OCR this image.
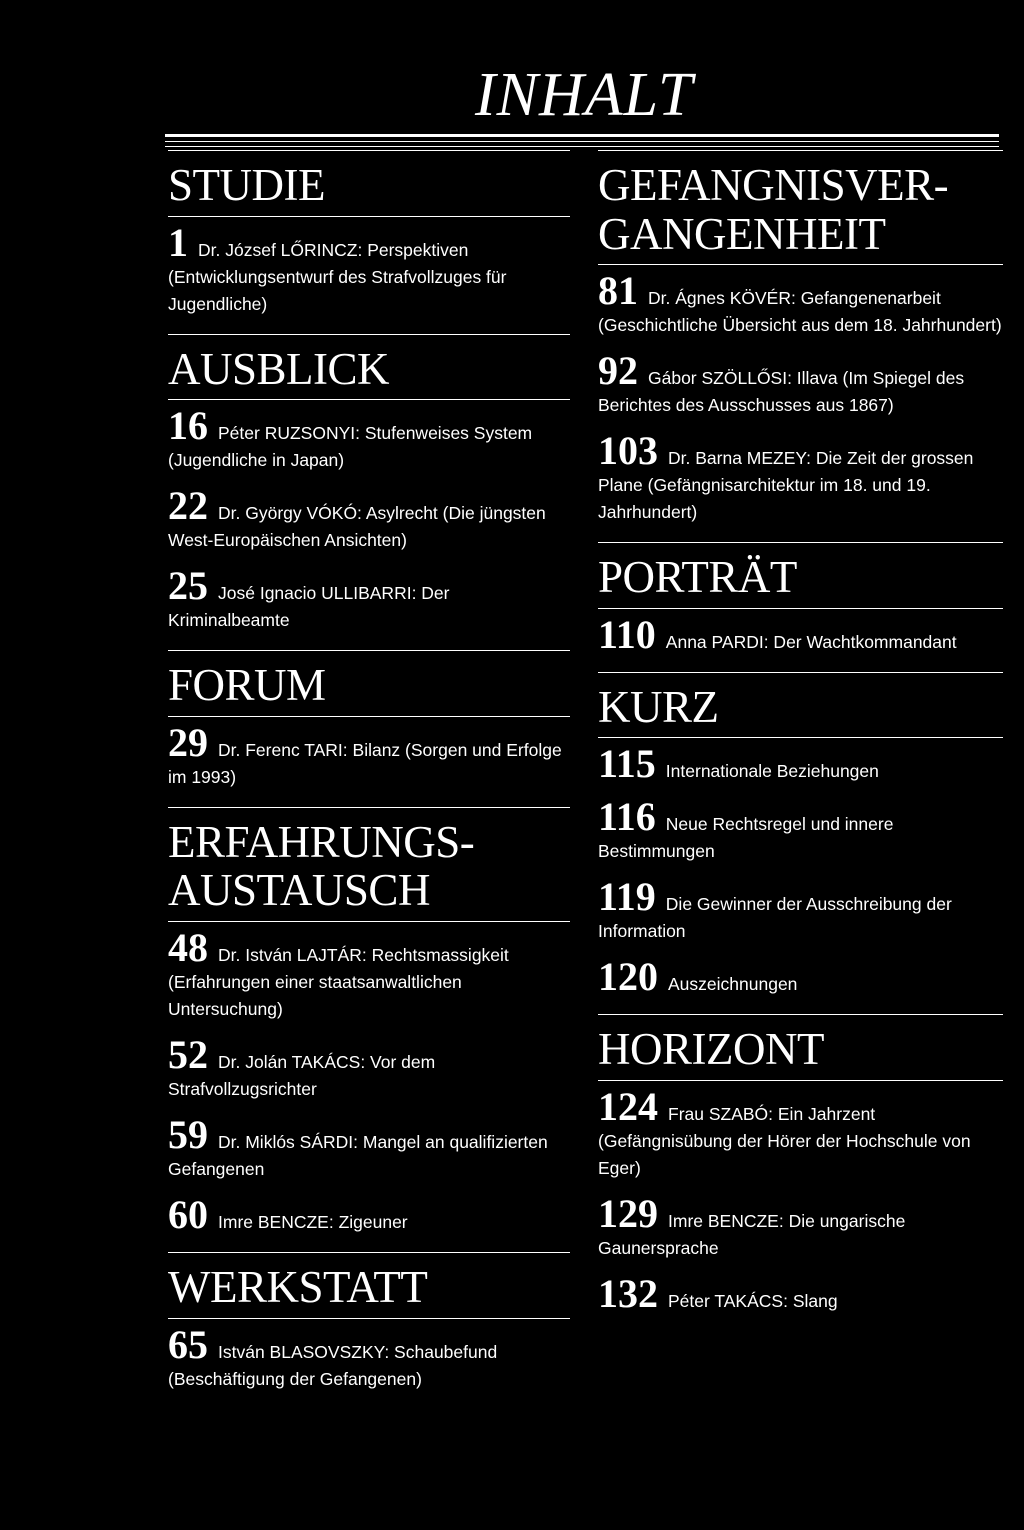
INHALT
STUDIE

1 Dr. József LŐRINCZ: Perspektiven (Entwicklungsentwurf des Strafvollzuges für Jugendliche)

AUSBLICK

16 Péter RUZSONYI: Stufenweises System (Jugendliche in Japan)

22 Dr. György VÓKÓ: Asylrecht (Die jüngsten West-Europäischen Ansichten)

25 José Ignacio ULLIBARRI: Der Kriminalbeamte

FORUM

29 Dr. Ferenc TARI: Bilanz (Sorgen und Erfolge im 1993)

ERFAHRUNGS-
AUSTAUSCH

48 Dr. István LAJTÁR: Rechtsmassigkeit (Erfahrungen einer staatsanwaltlichen Untersuchung)

52 Dr. Jolán TAKÁCS: Vor dem Strafvollzugsrichter

59 Dr. Miklós SÁRDI: Mangel an qualifizierten Gefangenen

60 Imre BENCZE: Zigeuner

WERKSTATT

65 István BLASOVSZKY: Schaubefund (Beschäftigung der Gefangenen)

GEFANGNISVER-
GANGENHEIT

81 Dr. Ágnes KÖVÉR: Gefangenenarbeit (Geschichtliche Übersicht aus dem 18. Jahrhundert)

92 Gábor SZÖLLŐSI: Illava (Im Spiegel des Berichtes des Ausschusses aus 1867)

103 Dr. Barna MEZEY: Die Zeit der grossen Plane (Gefängnisarchitektur im 18. und 19. Jahrhundert)

PORTRÄT

110 Anna PARDI: Der Wachtkommandant

KURZ

115 Internationale Beziehungen

116 Neue Rechtsregel und innere Bestimmungen

119 Die Gewinner der Ausschreibung der Information

120 Auszeichnungen

HORIZONT

124 Frau SZABÓ: Ein Jahrzent (Gefängnisübung der Hörer der Hochschule von Eger)

129 Imre BENCZE: Die ungarische Gaunersprache

132 Péter TAKÁCS: Slang
